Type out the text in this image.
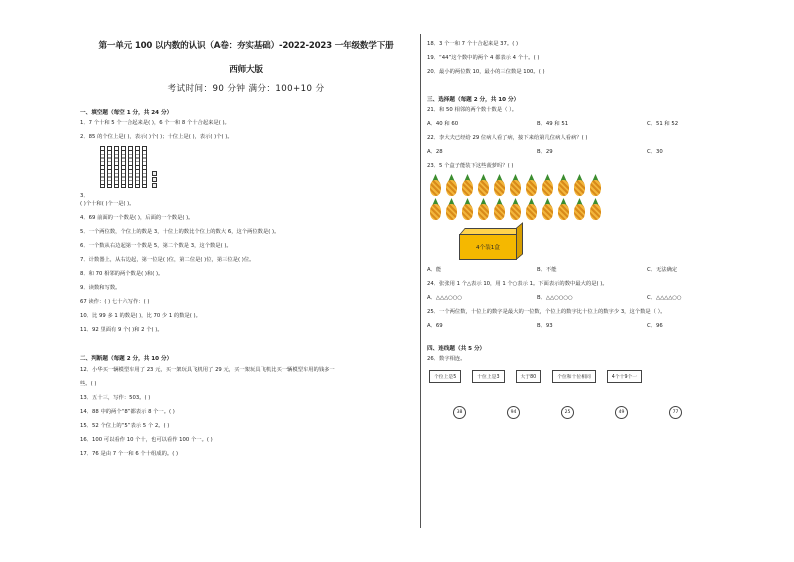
第一单元 100 以内数的认识（A卷：夯实基础）-2022-2023 一年级数学下册
西师大版
考试时间：90 分钟 满分：100+10 分
一、填空题（每空 1 分，共 24 分）
1．7 个十和 5 个一合起来是( )，6 个一和 8 个十合起来是( )。
2．85 的个位上是( )，表示( )个( )；十位上是( )，表示( )个( )。
3．
( )个十和( )个一是( )。
4．69 前面的一个数是( )，后面的一个数是( )。
5．一个两位数，个位上的数是 3，十位上的数比个位上的数大 6，这个两位数是( )。
6．一个数从右边起第一个数是 5，第二个数是 3，这个数是( )。
7．计数器上，从右边起，第一位是( )位，第二位是( )位，第三位是( )位。
8．和 70 相邻的两个数是( )和( )。
9．读数和写数。
67 读作：( ) 七十六写作：( )
10．比 99 多 1 的数是( )，比 70 少 1 的数是( )。
11．92 里面有 9 个( )和 2 个( )。
二、判断题（每题 2 分，共 10 分）
12．小华买一辆模型车用了 23 元，买一架玩具飞机用了 29 元，买一架玩具飞机比买一辆模型车用的钱多一
些。( )
13．五十三，写作：503。( )
14．88 中的两个“8”都表示 8 个一。( )
15．52 个位上的“5”表示 5 个 2。( )
16．100 可以看作 10 个十，也可以看作 100 个一。( )
17．76 是由 7 个一和 6 个十组成的。( )
18．3 个一和 7 个十合起来是 37。( )
19．“44”这个数中的两个 4 都表示 4 个十。( )
20．最小的两位数 10，最小的三位数是 100。( )
三、选择题（每题 2 分，共 10 分）
21．和 50 相邻的两个数十数是（ ）。
A．40 和 60	B．49 和 51	C．51 和 52
22．李大夫已经给 29 位病人看了病，接下来给第几位病人看病？( )
A．28	B．29	C．30
23．5 个盒子能装下这些菠萝吗？( )
4个装1盒
A．能	B．不能	C．无法确定
24．张张用 1 个△表示 10，用 1 个○表示 1。下面表示的数中最大的是( )。
A．△△△○○○	B．△△○○○○	C．△△△△○○
25．一个两位数，十位上的数字是最大的一位数，个位上的数字比十位上的数字少 3，这个数是（ ）。
A．69	B．93	C．96
四、连线题（共 5 分）
26．数字相连。
个位上是5	十位上是3	大于80	个位和十位相同	4个十9个一
38	94	25	49	77
